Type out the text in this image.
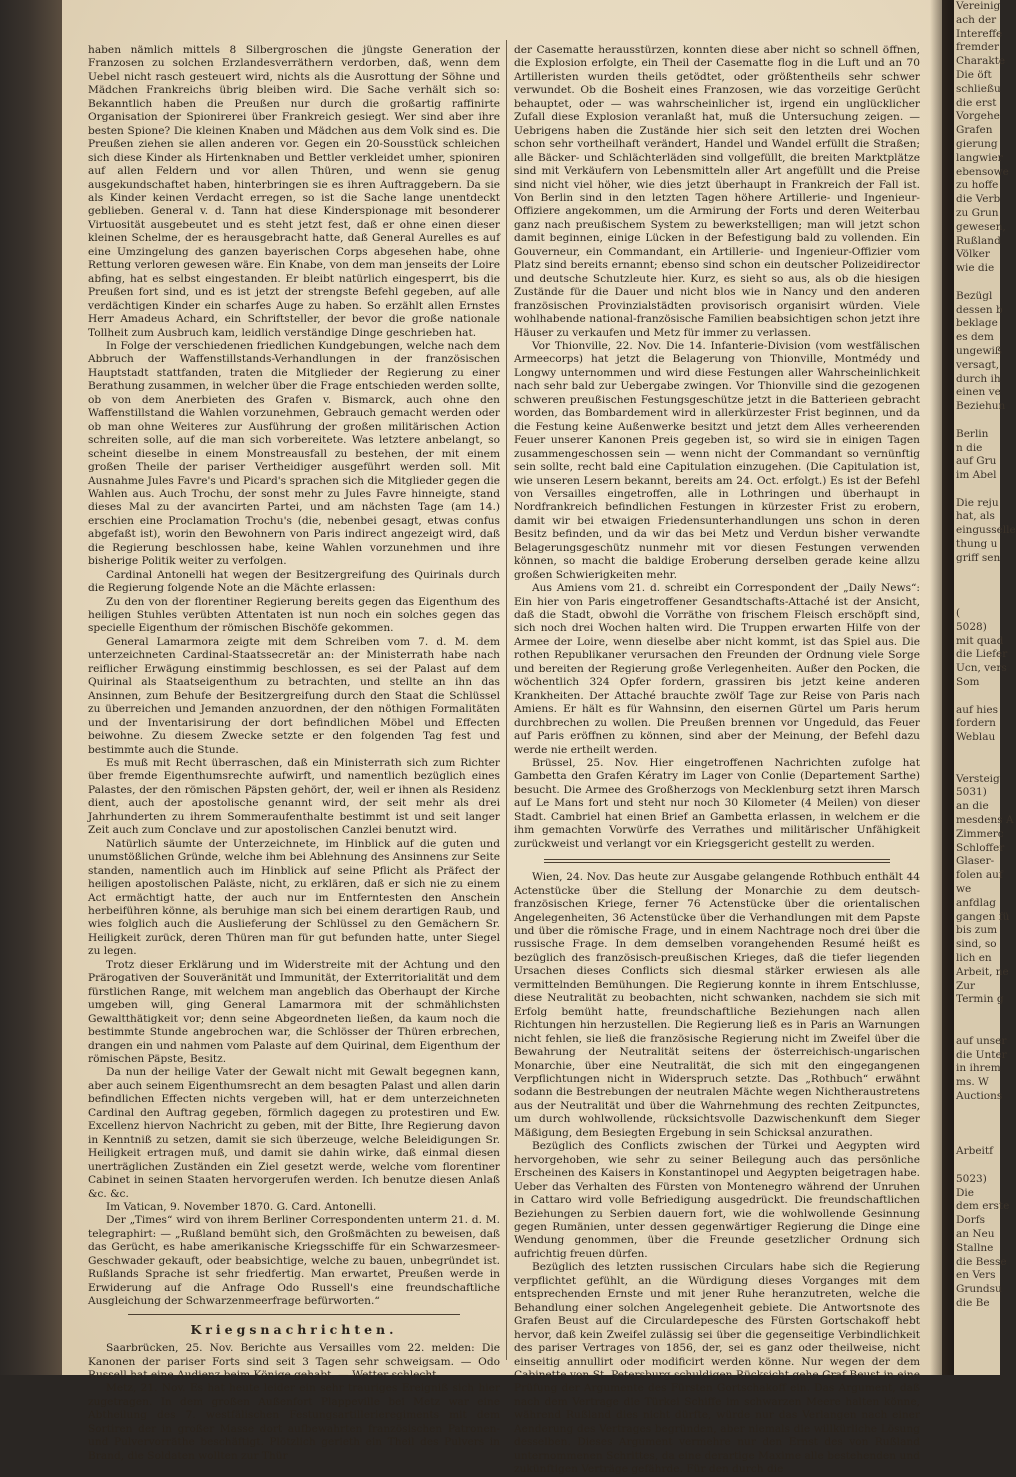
haben nämlich mittels 8 Silbergroschen die jüngste Generation der Franzosen zu solchen Erzlandesverräthern verdorben, daß, wenn dem Uebel nicht rasch gesteuert wird, nichts als die Ausrottung der Söhne und Mädchen Frankreichs übrig bleiben wird. Die Sache verhält sich so: Bekanntlich haben die Preußen nur durch die großartig raffinirte Organisation der Spionirerei über Frankreich gesiegt. Wer sind aber ihre besten Spione? Die kleinen Knaben und Mädchen aus dem Volk sind es. Die Preußen ziehen sie allen anderen vor. Gegen ein 20-Sousstück schleichen sich diese Kinder als Hirtenknaben und Bettler verkleidet umher, spioniren auf allen Feldern und vor allen Thüren, und wenn sie genug ausgekundschaftet haben, hinterbringen sie es ihren Auftraggebern. Da sie als Kinder keinen Verdacht erregen, so ist die Sache lange unentdeckt geblieben. General v. d. Tann hat diese Kinderspionage mit besonderer Virtuosität ausgebeutet und es steht jetzt fest, daß er ohne einen dieser kleinen Schelme, der es herausgebracht hatte, daß General Aurelles es auf eine Umzingelung des ganzen bayerischen Corps abgesehen habe, ohne Rettung verloren gewesen wäre. Ein Knabe, von dem man jenseits der Loire abfing, hat es selbst eingestanden. Er bleibt natürlich eingesperrt, bis die Preußen fort sind, und es ist jetzt der strengste Befehl gegeben, auf alle verdächtigen Kinder ein scharfes Auge zu haben. So erzählt allen Ernstes Herr Amadeus Achard, ein Schriftsteller, der bevor die große nationale Tollheit zum Ausbruch kam, leidlich verständige Dinge geschrieben hat.

In Folge der verschiedenen friedlichen Kundgebungen, welche nach dem Abbruch der Waffenstillstands-Verhandlungen in der französischen Hauptstadt stattfanden, traten die Mitglieder der Regierung zu einer Berathung zusammen, in welcher über die Frage entschieden werden sollte, ob von dem Anerbieten des Grafen v. Bismarck, auch ohne den Waffenstillstand die Wahlen vorzunehmen, Gebrauch gemacht werden oder ob man ohne Weiteres zur Ausführung der großen militärischen Action schreiten solle, auf die man sich vorbereitete. Was letztere anbelangt, so scheint dieselbe in einem Monstreausfall zu bestehen, der mit einem großen Theile der pariser Vertheidiger ausgeführt werden soll. Mit Ausnahme Jules Favre's und Picard's sprachen sich die Mitglieder gegen die Wahlen aus. Auch Trochu, der sonst mehr zu Jules Favre hinneigte, stand dieses Mal zu der avancirten Partei, und am nächsten Tage (am 14.) erschien eine Proclamation Trochu's (die, nebenbei gesagt, etwas confus abgefaßt ist), worin den Bewohnern von Paris indirect angezeigt wird, daß die Regierung beschlossen habe, keine Wahlen vorzunehmen und ihre bisherige Politik weiter zu verfolgen.

Cardinal Antonelli hat wegen der Besitzergreifung des Quirinals durch die Regierung folgende Note an die Mächte erlassen:

Zu den von der florentiner Regierung bereits gegen das Eigenthum des heiligen Stuhles verübten Attentaten ist nun noch ein solches gegen das specielle Eigenthum der römischen Bischöfe gekommen.

General Lamarmora zeigte mit dem Schreiben vom 7. d. M. dem unterzeichneten Cardinal-Staatssecretär an: der Ministerrath habe nach reiflicher Erwägung einstimmig beschlossen, es sei der Palast auf dem Quirinal als Staatseigenthum zu betrachten, und stellte an ihn das Ansinnen, zum Behufe der Besitzergreifung durch den Staat die Schlüssel zu überreichen und Jemanden anzuordnen, der den nöthigen Formalitäten und der Inventarisirung der dort befindlichen Möbel und Effecten beiwohne. Zu diesem Zwecke setzte er den folgenden Tag fest und bestimmte auch die Stunde.

Es muß mit Recht überraschen, daß ein Ministerrath sich zum Richter über fremde Eigenthumsrechte aufwirft, und namentlich bezüglich eines Palastes, der den römischen Päpsten gehört, der, weil er ihnen als Residenz dient, auch der apostolische genannt wird, der seit mehr als drei Jahrhunderten zu ihrem Sommeraufenthalte bestimmt ist und seit langer Zeit auch zum Conclave und zur apostolischen Canzlei benutzt wird.

Natürlich säumte der Unterzeichnete, im Hinblick auf die guten und unumstößlichen Gründe, welche ihm bei Ablehnung des Ansinnens zur Seite standen, namentlich auch im Hinblick auf seine Pflicht als Präfect der heiligen apostolischen Paläste, nicht, zu erklären, daß er sich nie zu einem Act ermächtigt hatte, der auch nur im Entferntesten den Anschein herbeiführen könne, als beruhige man sich bei einem derartigen Raub, und wies folglich auch die Auslieferung der Schlüssel zu den Gemächern Sr. Heiligkeit zurück, deren Thüren man für gut befunden hatte, unter Siegel zu legen.

Trotz dieser Erklärung und im Widerstreite mit der Achtung und den Prärogativen der Souveränität und Immunität, der Exterritorialität und dem fürstlichen Range, mit welchem man angeblich das Oberhaupt der Kirche umgeben will, ging General Lamarmora mit der schmählichsten Gewaltthätigkeit vor; denn seine Abgeordneten ließen, da kaum noch die bestimmte Stunde angebrochen war, die Schlösser der Thüren erbrechen, drangen ein und nahmen vom Palaste auf dem Quirinal, dem Eigenthum der römischen Päpste, Besitz.

Da nun der heilige Vater der Gewalt nicht mit Gewalt begegnen kann, aber auch seinem Eigenthumsrecht an dem besagten Palast und allen darin befindlichen Effecten nichts vergeben will, hat er dem unterzeichneten Cardinal den Auftrag gegeben, förmlich dagegen zu protestiren und Ew. Excellenz hiervon Nachricht zu geben, mit der Bitte, Ihre Regierung davon in Kenntniß zu setzen, damit sie sich überzeuge, welche Beleidigungen Sr. Heiligkeit ertragen muß, und damit sie dahin wirke, daß einmal diesen unerträglichen Zuständen ein Ziel gesetzt werde, welche vom florentiner Cabinet in seinen Staaten hervorgerufen werden. Ich benutze diesen Anlaß &c. &c.

Im Vatican, 9. November 1870. G. Card. Antonelli.

Der „Times“ wird von ihrem Berliner Correspondenten unterm 21. d. M. telegraphirt: — „Rußland bemüht sich, den Großmächten zu beweisen, daß das Gerücht, es habe amerikanische Kriegsschiffe für ein Schwarzesmeer-Geschwader gekauft, oder beabsichtige, welche zu bauen, unbegründet ist. Rußlands Sprache ist sehr friedfertig. Man erwartet, Preußen werde in Erwiderung auf die Anfrage Odo Russell's eine freundschaftliche Ausgleichung der Schwarzenmeerfrage befürworten.“

Kriegsnachrichten.

Saarbrücken, 25. Nov. Berichte aus Versailles vom 22. melden: Die Kanonen der pariser Forts sind seit 3 Tagen sehr schweigsam. — Odo Russell hat eine Audienz beim Könige gehabt. — Wetter schlecht.

Metz, 21. Nov. Es hat heute leider ein sehr trauriges Ereigniß sich hier zugetragen. In dem großen Außenfort Plappeville bei Metz war eine Abtheilung des 7. westfälischen Festungsartillerieregiments mit dem Sortiren der in großer Masse dort aufbewahrten französischen Patronen- und Pulvervorräthe beschäftigt. Plötzlich gerieth ein Theil des Pulvers in Brand, die Soldaten wollten zur Thür

der Casematte herausstürzen, konnten diese aber nicht so schnell öffnen, die Explosion erfolgte, ein Theil der Casematte flog in die Luft und an 70 Artilleristen wurden theils getödtet, oder größtentheils sehr schwer verwundet. Ob die Bosheit eines Franzosen, wie das vorzeitige Gerücht behauptet, oder — was wahrscheinlicher ist, irgend ein unglücklicher Zufall diese Explosion veranlaßt hat, muß die Untersuchung zeigen. — Uebrigens haben die Zustände hier sich seit den letzten drei Wochen schon sehr vortheilhaft verändert, Handel und Wandel erfüllt die Straßen; alle Bäcker- und Schlächterläden sind vollgefüllt, die breiten Marktplätze sind mit Verkäufern von Lebensmitteln aller Art angefüllt und die Preise sind nicht viel höher, wie dies jetzt überhaupt in Frankreich der Fall ist. Von Berlin sind in den letzten Tagen höhere Artillerie- und Ingenieur-Offiziere angekommen, um die Armirung der Forts und deren Weiterbau ganz nach preußischem System zu bewerkstelligen; man will jetzt schon damit beginnen, einige Lücken in der Befestigung bald zu vollenden. Ein Gouverneur, ein Commandant, ein Artillerie- und Ingenieur-Offizier vom Platz sind bereits ernannt; ebenso sind schon ein deutscher Polizeidirector und deutsche Schutzleute hier. Kurz, es sieht so aus, als ob die hiesigen Zustände für die Dauer und nicht blos wie in Nancy und den anderen französischen Provinzialstädten provisorisch organisirt würden. Viele wohlhabende national-französische Familien beabsichtigen schon jetzt ihre Häuser zu verkaufen und Metz für immer zu verlassen.

Vor Thionville, 22. Nov. Die 14. Infanterie-Division (vom westfälischen Armeecorps) hat jetzt die Belagerung von Thionville, Montmédy und Longwy unternommen und wird diese Festungen aller Wahrscheinlichkeit nach sehr bald zur Uebergabe zwingen. Vor Thionville sind die gezogenen schweren preußischen Festungsgeschütze jetzt in die Batterieen gebracht worden, das Bombardement wird in allerkürzester Frist beginnen, und da die Festung keine Außenwerke besitzt und jetzt dem Alles verheerenden Feuer unserer Kanonen Preis gegeben ist, so wird sie in einigen Tagen zusammengeschossen sein — wenn nicht der Commandant so vernünftig sein sollte, recht bald eine Capitulation einzugehen. (Die Capitulation ist, wie unseren Lesern bekannt, bereits am 24. Oct. erfolgt.) Es ist der Befehl von Versailles eingetroffen, alle in Lothringen und überhaupt in Nordfrankreich befindlichen Festungen in kürzester Frist zu erobern, damit wir bei etwaigen Friedensunterhandlungen uns schon in deren Besitz befinden, und da wir das bei Metz und Verdun bisher verwandte Belagerungsgeschütz nunmehr mit vor diesen Festungen verwenden können, so macht die baldige Eroberung derselben gerade keine allzu großen Schwierigkeiten mehr.

Aus Amiens vom 21. d. schreibt ein Correspondent der „Daily News“: Ein hier von Paris eingetroffener Gesandtschafts-Attaché ist der Ansicht, daß die Stadt, obwohl die Vorräthe von frischem Fleisch erschöpft sind, sich noch drei Wochen halten wird. Die Truppen erwarten Hilfe von der Armee der Loire, wenn dieselbe aber nicht kommt, ist das Spiel aus. Die rothen Republikaner verursachen den Freunden der Ordnung viele Sorge und bereiten der Regierung große Verlegenheiten. Außer den Pocken, die wöchentlich 324 Opfer fordern, grassiren bis jetzt keine anderen Krankheiten. Der Attaché brauchte zwölf Tage zur Reise von Paris nach Amiens. Er hält es für Wahnsinn, den eisernen Gürtel um Paris herum durchbrechen zu wollen. Die Preußen brennen vor Ungeduld, das Feuer auf Paris eröffnen zu können, sind aber der Meinung, der Befehl dazu werde nie ertheilt werden.

Brüssel, 25. Nov. Hier eingetroffenen Nachrichten zufolge hat Gambetta den Grafen Kératry im Lager von Conlie (Departement Sarthe) besucht. Die Armee des Großherzogs von Mecklenburg setzt ihren Marsch auf Le Mans fort und steht nur noch 30 Kilometer (4 Meilen) von dieser Stadt. Cambriel hat einen Brief an Gambetta erlassen, in welchem er die ihm gemachten Vorwürfe des Verrathes und militärischer Unfähigkeit zurückweist und verlangt vor ein Kriegsgericht gestellt zu werden.

Wien, 24. Nov. Das heute zur Ausgabe gelangende Rothbuch enthält 44 Actenstücke über die Stellung der Monarchie zu dem deutsch-französischen Kriege, ferner 76 Actenstücke über die orientalischen Angelegenheiten, 36 Actenstücke über die Verhandlungen mit dem Papste und über die römische Frage, und in einem Nachtrage noch drei über die russische Frage. In dem demselben vorangehenden Resumé heißt es bezüglich des französisch-preußischen Krieges, daß die tiefer liegenden Ursachen dieses Conflicts sich diesmal stärker erwiesen als alle vermittelnden Bemühungen. Die Regierung konnte in ihrem Entschlusse, diese Neutralität zu beobachten, nicht schwanken, nachdem sie sich mit Erfolg bemüht hatte, freundschaftliche Beziehungen nach allen Richtungen hin herzustellen. Die Regierung ließ es in Paris an Warnungen nicht fehlen, sie ließ die französische Regierung nicht im Zweifel über die Bewahrung der Neutralität seitens der österreichisch-ungarischen Monarchie, über eine Neutralität, die sich mit den eingegangenen Verpflichtungen nicht in Widerspruch setzte. Das „Rothbuch“ erwähnt sodann die Bestrebungen der neutralen Mächte wegen Nichtheraustretens aus der Neutralität und über die Wahrnehmung des rechten Zeitpunctes, um durch wohlwollende, rücksichtsvolle Dazwischenkunft dem Sieger Mäßigung, dem Besiegten Ergebung in sein Schicksal anzurathen.

Bezüglich des Conflicts zwischen der Türkei und Aegypten wird hervorgehoben, wie sehr zu seiner Beilegung auch das persönliche Erscheinen des Kaisers in Konstantinopel und Aegypten beigetragen habe. Ueber das Verhalten des Fürsten von Montenegro während der Unruhen in Cattaro wird volle Befriedigung ausgedrückt. Die freundschaftlichen Beziehungen zu Serbien dauern fort, wie die wohlwollende Gesinnung gegen Rumänien, unter dessen gegenwärtiger Regierung die Dinge eine Wendung genommen, über die Freunde gesetzlicher Ordnung sich aufrichtig freuen dürfen.

Bezüglich des letzten russischen Circulars habe sich die Regierung verpflichtet gefühlt, an die Würdigung dieses Vorganges mit dem entsprechenden Ernste und mit jener Ruhe heranzutreten, welche die Behandlung einer solchen Angelegenheit gebiete. Die Antwortsnote des Grafen Beust auf die Circulardepesche des Fürsten Gortschakoff hebt hervor, daß kein Zweifel zulässig sei über die gegenseitige Verbindlichkeit des pariser Vertrages von 1856, der, sei es ganz oder theilweise, nicht einseitig annullirt oder modificirt werden könne. Nur wegen der dem Cabinette von St. Petersburg schuldigen Rücksicht gehe Graf Beust in eine Prüfung der Argumente des Fürsten Gortschakoff ein. Das Argument, daß nach dem Vertrage die Türkei Schiffe im schwarzen Meere halten könne, während Rußland dies nicht dürfte, würde nur das Verlangen nach einer Aenderung des Vertrages begründen, aber niemals die willkürliche Lösung desselben. Dieses Argument vermehre nur den Ernst des von Rußland unternommenen Schrittes, da eine derartige Maxime alle bestehenden und zukünftigen Verträge gefährde. Für den durch die

Vereinig
ach der
Intereffe
fremder
Charakte
Die öft
schließu
die erst
Vorgehe
Grafen
gierung
langwier
ebensowe
zu hoffe
die Verb
zu Grun
gewesen,
Rußland
Völker
wie die

Bezügl
dessen b
beklage
es dem
ungewiß
versagt,
durch ih
einen ve
Beziehun

Berlin
n die
auf Gru
im Abel

Die reju
hat, als
eingusselle
thung u
griff sen

(
5028)
mit quad
die Liefer
Ucn, vers
Som

auf hies
fordern
Weblau

Versteig
5031)
an die
mesdens A
Zimmerc
Schloffer
Glaser-
folen auf
we
anfdlag
gangen fü
bis zum
sind, so
lich en
Arbeit, ne
Zur
Termin g

auf unser
die Unter
in ihrem
ms. W
Auctions

Arbeitf

5023)
Die
dem erste
Dorfs
an Neu
Stallne
die Besse
en Vers
Grundsu
die Be
